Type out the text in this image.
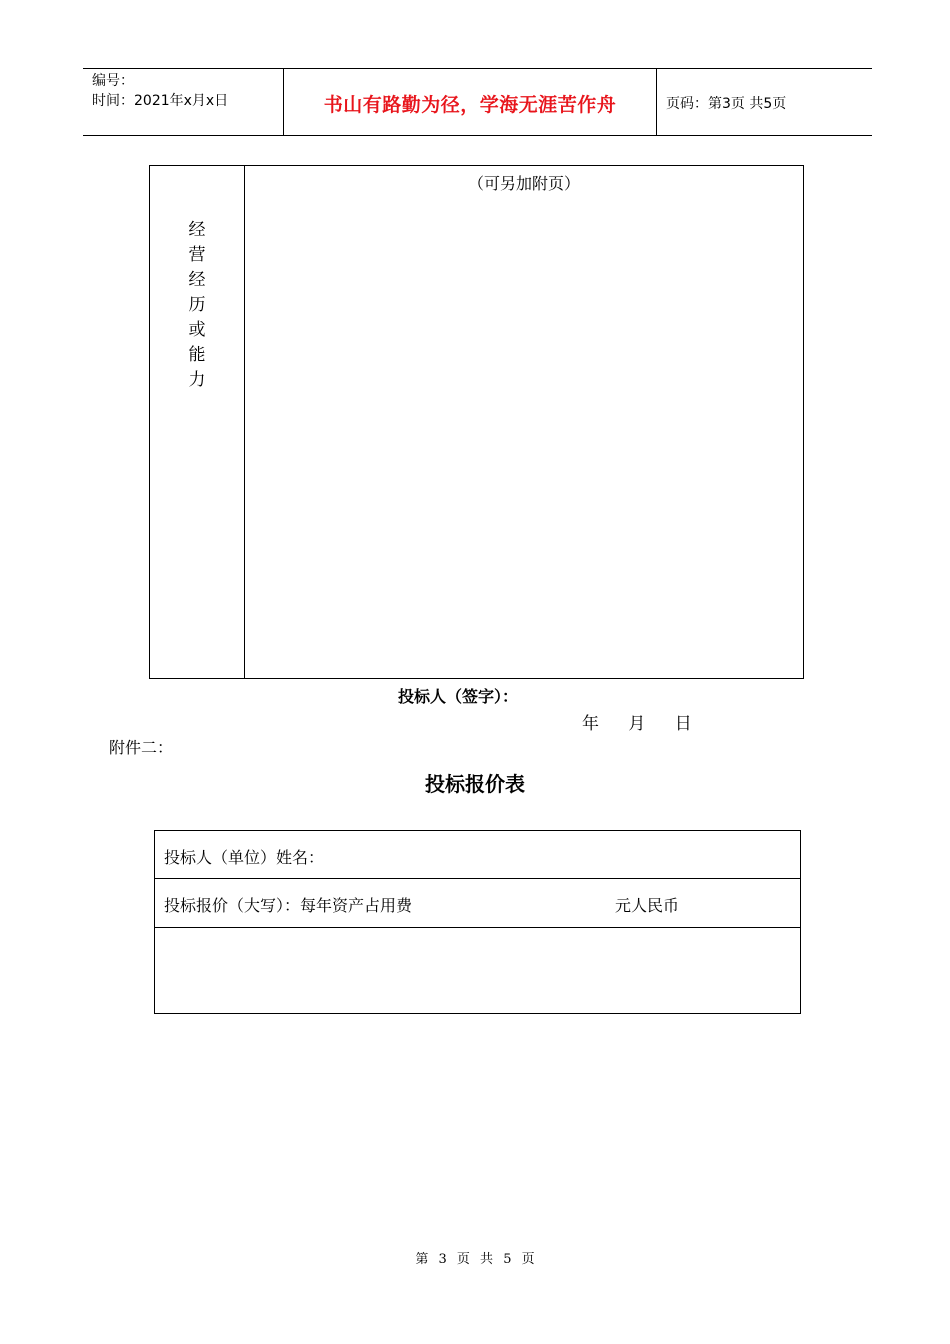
编号：
时间：2021年x月x日	书山有路勤为径，学海无涯苦作舟	页码：第3页 共5页
经
营
经
历
或
能
力
（可另加附页）
投标人（签字）：
年 月 日
附件二：
投标报价表
投标人（单位）姓名：
投标报价（大写）：每年资产占用费	元人民币
第 3 页 共 5 页
